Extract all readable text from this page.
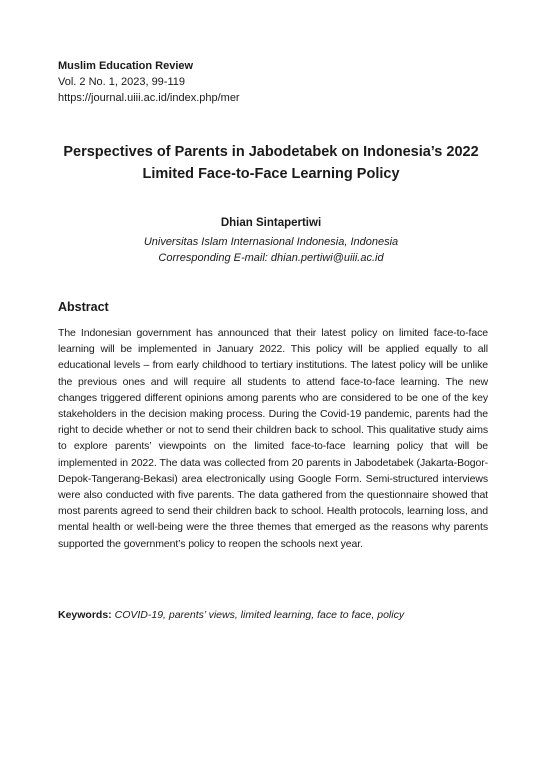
Muslim Education Review
Vol. 2 No. 1, 2023, 99-119
https://journal.uiii.ac.id/index.php/mer
Perspectives of Parents in Jabodetabek on Indonesia’s 2022
Limited Face-to-Face Learning Policy
Dhian Sintapertiwi
Universitas Islam Internasional Indonesia, Indonesia
Corresponding E-mail: dhian.pertiwi@uiii.ac.id
Abstract
The Indonesian government has announced that their latest policy on limited face-to-face learning will be implemented in January 2022. This policy will be applied equally to all educational levels – from early childhood to tertiary institutions. The latest policy will be unlike the previous ones and will require all students to attend face-to-face learning. The new changes triggered different opinions among parents who are considered to be one of the key stakeholders in the decision making process. During the Covid-19 pandemic, parents had the right to decide whether or not to send their children back to school. This qualitative study aims to explore parents’ viewpoints on the limited face-to-face learning policy that will be implemented in 2022. The data was collected from 20 parents in Jabodetabek (Jakarta-Bogor-Depok-Tangerang-Bekasi) area electronically using Google Form. Semi-structured interviews were also conducted with five parents. The data gathered from the questionnaire showed that most parents agreed to send their children back to school. Health protocols, learning loss, and mental health or well-being were the three themes that emerged as the reasons why parents supported the government’s policy to reopen the schools next year.
Keywords: COVID-19, parents’ views, limited learning, face to face, policy
